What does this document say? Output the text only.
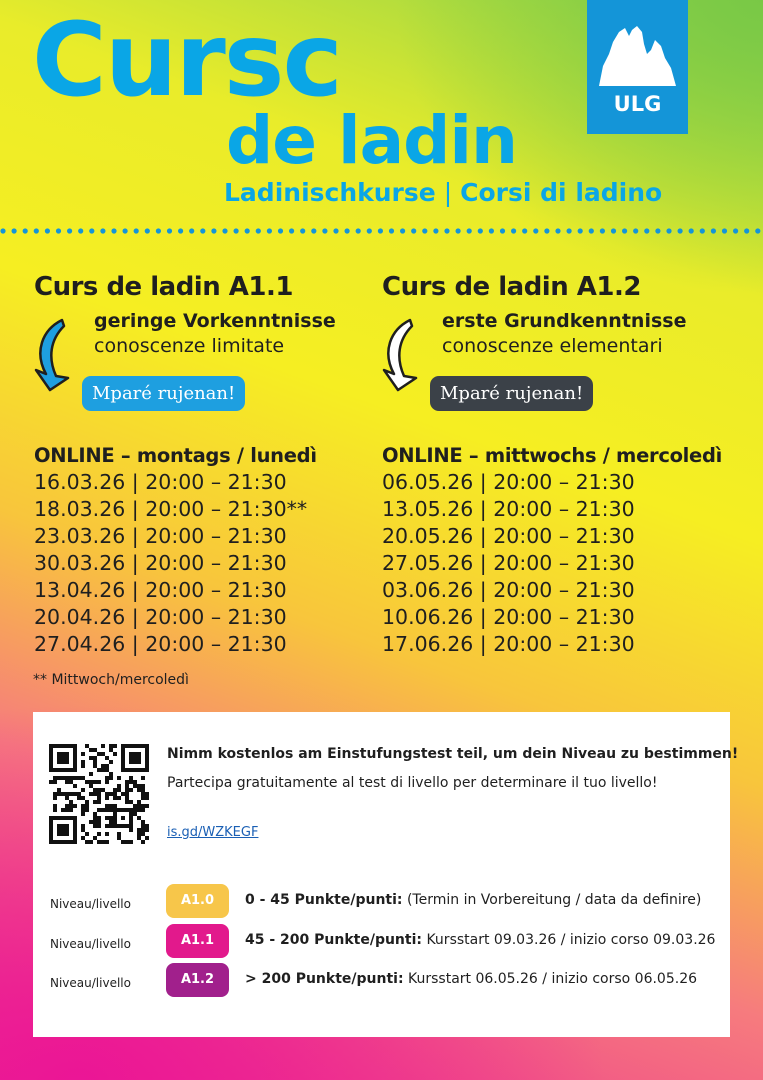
Cursc
de ladin
Ladinischkurse | Corsi di ladino
ULG
Curs de ladin A1.1
geringe Vorkenntnisse
conoscenze limitate
Mparé rujenan!
Curs de ladin A1.2
erste Grundkenntnisse
conoscenze elementari
Mparé rujenan!
ONLINE – montags / lunedì
16.03.26 | 20:00 – 21:30
18.03.26 | 20:00 – 21:30**
23.03.26 | 20:00 – 21:30
30.03.26 | 20:00 – 21:30
13.04.26 | 20:00 – 21:30
20.04.26 | 20:00 – 21:30
27.04.26 | 20:00 – 21:30
ONLINE – mittwochs / mercoledì
06.05.26 | 20:00 – 21:30
13.05.26 | 20:00 – 21:30
20.05.26 | 20:00 – 21:30
27.05.26 | 20:00 – 21:30
03.06.26 | 20:00 – 21:30
10.06.26 | 20:00 – 21:30
17.06.26 | 20:00 – 21:30
** Mittwoch/mercoledì
Nimm kostenlos am Einstufungstest teil, um dein Niveau zu bestimmen!
Partecipa gratuitamente al test di livello per determinare il tuo livello!
is.gd/WZKEGF
Niveau/livello	A1.0	0 - 45 Punkte/punti: (Termin in Vorbereitung / data da definire)
Niveau/livello	A1.1	45 - 200 Punkte/punti: Kursstart 09.03.26 / inizio corso 09.03.26
Niveau/livello	A1.2	> 200 Punkte/punti: Kursstart 06.05.26 / inizio corso 06.05.26
